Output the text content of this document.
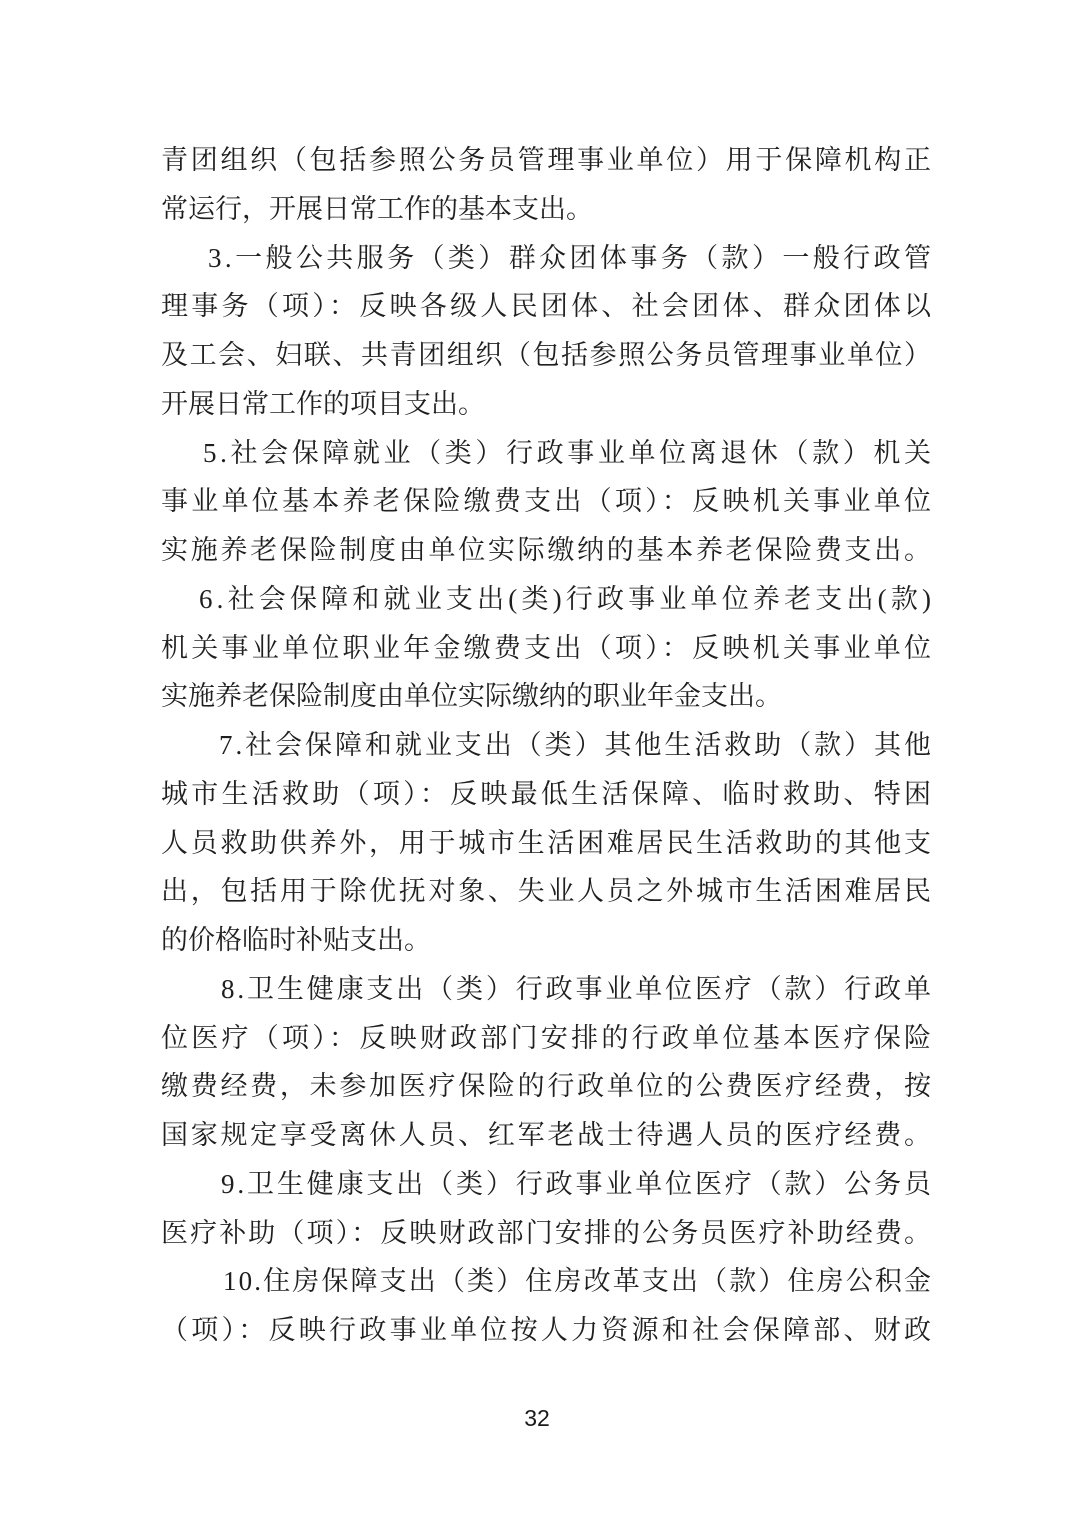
青团组织（包括参照公务员管理事业单位）用于保障机构正
常运行，开展日常工作的基本支出。
3.一般公共服务（类）群众团体事务（款）一般行政管
理事务（项）：反映各级人民团体、社会团体、群众团体以
及工会、妇联、共青团组织（包括参照公务员管理事业单位）
开展日常工作的项目支出。
5.社会保障就业（类）行政事业单位离退休（款）机关
事业单位基本养老保险缴费支出（项）：反映机关事业单位
实施养老保险制度由单位实际缴纳的基本养老保险费支出。
6.社会保障和就业支出(类)行政事业单位养老支出(款)
机关事业单位职业年金缴费支出（项）：反映机关事业单位
实施养老保险制度由单位实际缴纳的职业年金支出。
7.社会保障和就业支出（类）其他生活救助（款）其他
城市生活救助（项）：反映最低生活保障、临时救助、特困
人员救助供养外，用于城市生活困难居民生活救助的其他支
出，包括用于除优抚对象、失业人员之外城市生活困难居民
的价格临时补贴支出。
8.卫生健康支出（类）行政事业单位医疗（款）行政单
位医疗（项）：反映财政部门安排的行政单位基本医疗保险
缴费经费，未参加医疗保险的行政单位的公费医疗经费，按
国家规定享受离休人员、红军老战士待遇人员的医疗经费。
9.卫生健康支出（类）行政事业单位医疗（款）公务员
医疗补助（项）：反映财政部门安排的公务员医疗补助经费。
10.住房保障支出（类）住房改革支出（款）住房公积金
（项）：反映行政事业单位按人力资源和社会保障部、财政
32
